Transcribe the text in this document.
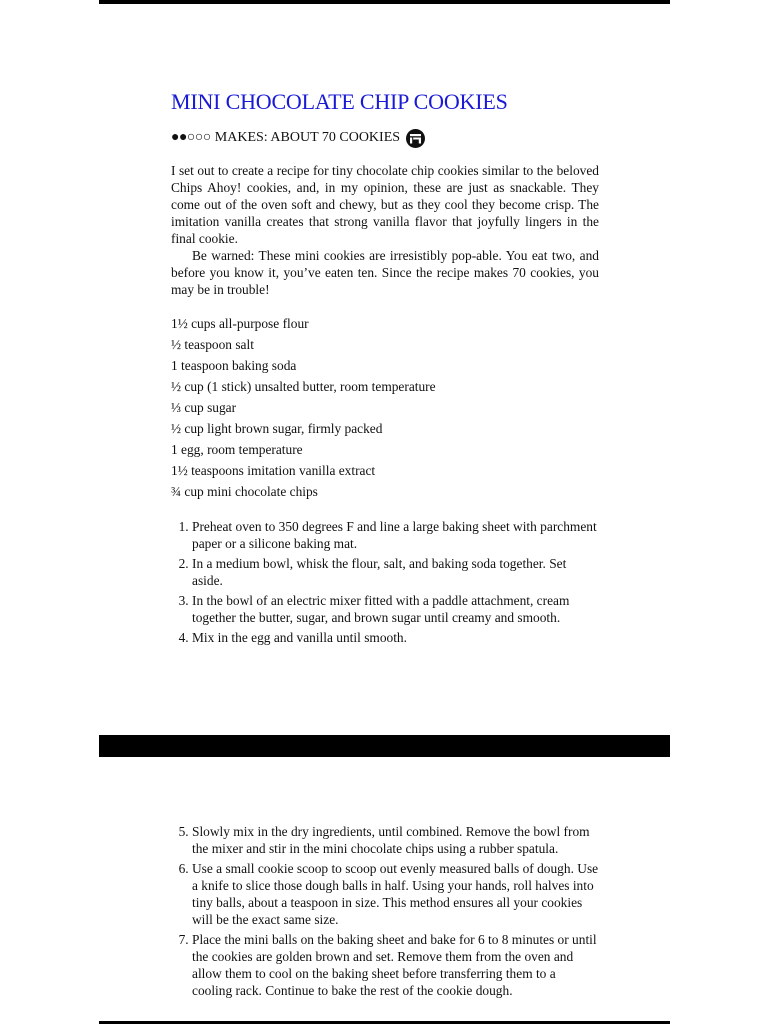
MINI CHOCOLATE CHIP COOKIES
●●○○○ MAKES: ABOUT 70 COOKIES

I set out to create a recipe for tiny chocolate chip cookies similar to the beloved Chips Ahoy! cookies, and, in my opinion, these are just as snackable. They come out of the oven soft and chewy, but as they cool they become crisp. The imitation vanilla creates that strong vanilla flavor that joyfully lingers in the final cookie.

Be warned: These mini cookies are irresistibly pop-able. You eat two, and before you know it, you’ve eaten ten. Since the recipe makes 70 cookies, you may be in trouble!

1½ cups all-purpose flour
½ teaspoon salt
1 teaspoon baking soda
½ cup (1 stick) unsalted butter, room temperature
⅓ cup sugar
½ cup light brown sugar, firmly packed
1 egg, room temperature
1½ teaspoons imitation vanilla extract
¾ cup mini chocolate chips
1. Preheat oven to 350 degrees F and line a large baking sheet with parchment paper or a silicone baking mat.
2. In a medium bowl, whisk the flour, salt, and baking soda together. Set aside.
3. In the bowl of an electric mixer fitted with a paddle attachment, cream together the butter, sugar, and brown sugar until creamy and smooth.
4. Mix in the egg and vanilla until smooth.
5. Slowly mix in the dry ingredients, until combined. Remove the bowl from the mixer and stir in the mini chocolate chips using a rubber spatula.
6. Use a small cookie scoop to scoop out evenly measured balls of dough. Use a knife to slice those dough balls in half. Using your hands, roll halves into tiny balls, about a teaspoon in size. This method ensures all your cookies will be the exact same size.
7. Place the mini balls on the baking sheet and bake for 6 to 8 minutes or until the cookies are golden brown and set. Remove them from the oven and allow them to cool on the baking sheet before transferring them to a cooling rack. Continue to bake the rest of the cookie dough.
